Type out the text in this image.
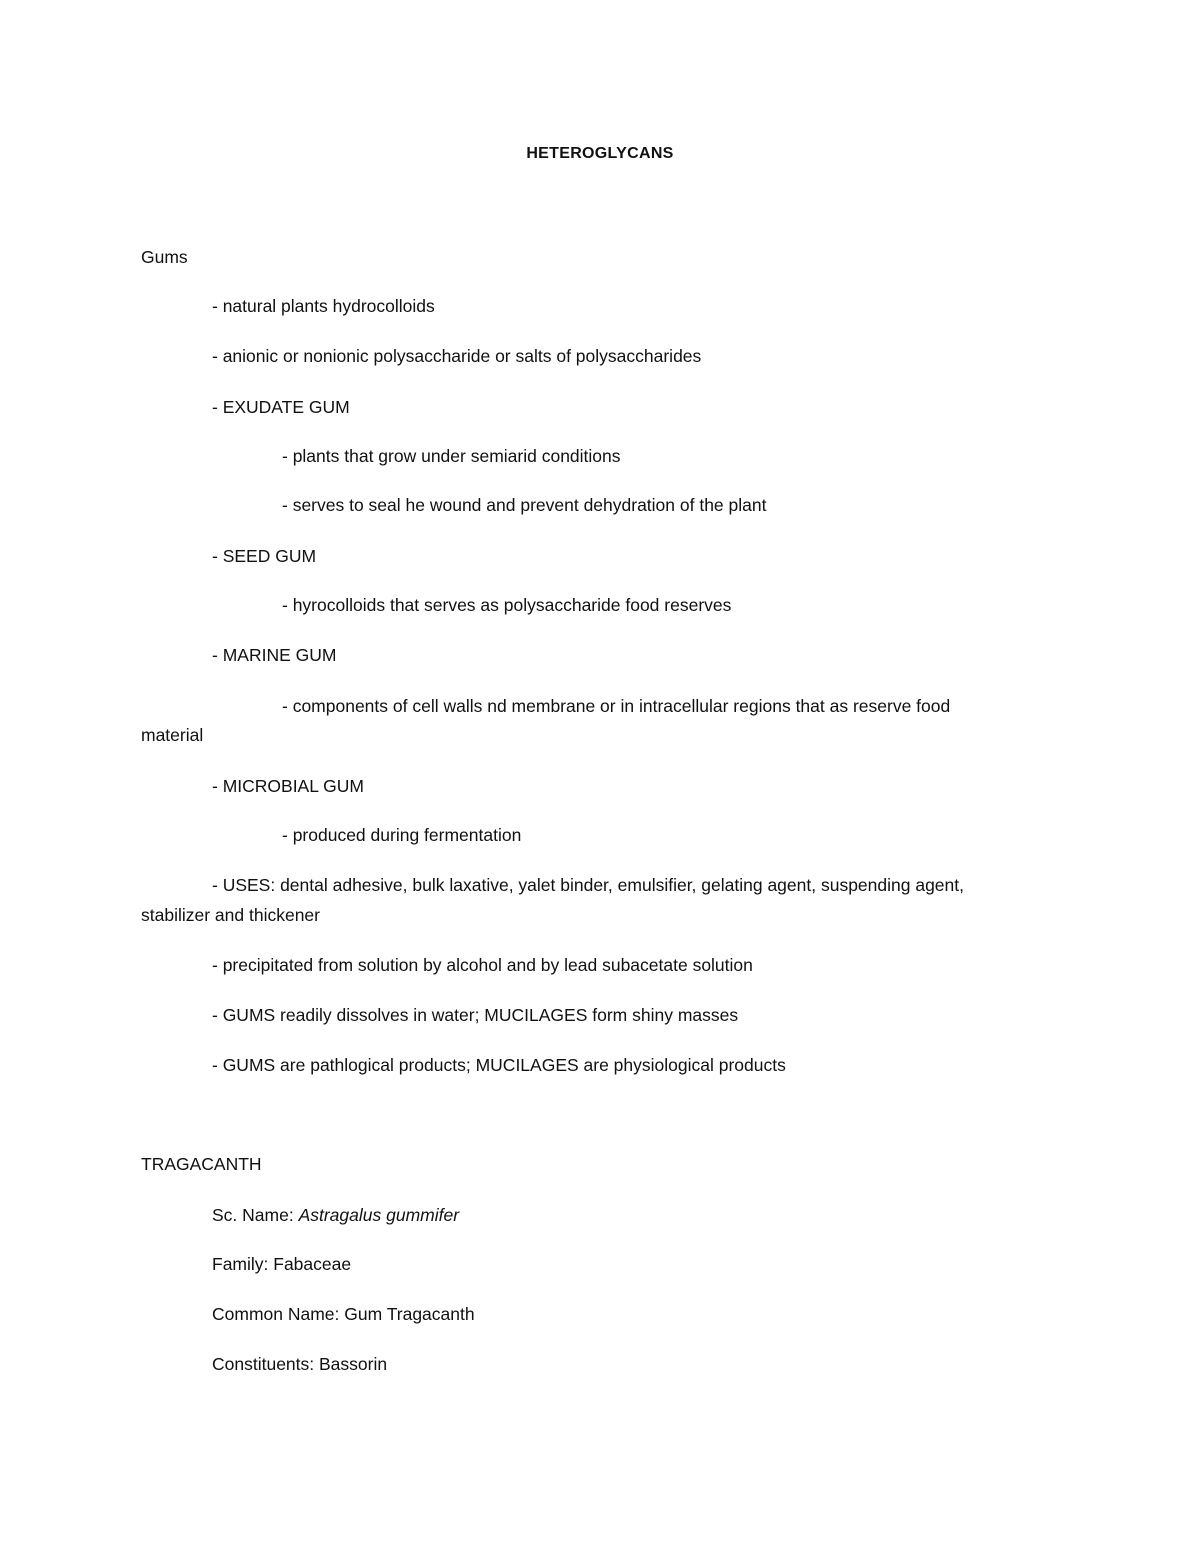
HETEROGLYCANS
Gums
- natural plants hydrocolloids
- anionic or nonionic polysaccharide or salts of polysaccharides
- EXUDATE GUM
- plants that grow under semiarid conditions
- serves to seal he wound and prevent dehydration of the plant
- SEED GUM
- hyrocolloids that serves as polysaccharide food reserves
- MARINE GUM
- components of cell walls nd membrane or in intracellular regions that as reserve food
material
- MICROBIAL GUM
- produced during fermentation
- USES: dental adhesive, bulk laxative, yalet binder, emulsifier, gelating agent, suspending agent,
stabilizer and thickener
- precipitated from solution by alcohol and by lead subacetate solution
- GUMS readily dissolves in water; MUCILAGES form shiny masses
- GUMS are pathlogical products; MUCILAGES are physiological products
TRAGACANTH
Sc. Name: Astragalus gummifer
Family: Fabaceae
Common Name: Gum Tragacanth
Constituents: Bassorin
